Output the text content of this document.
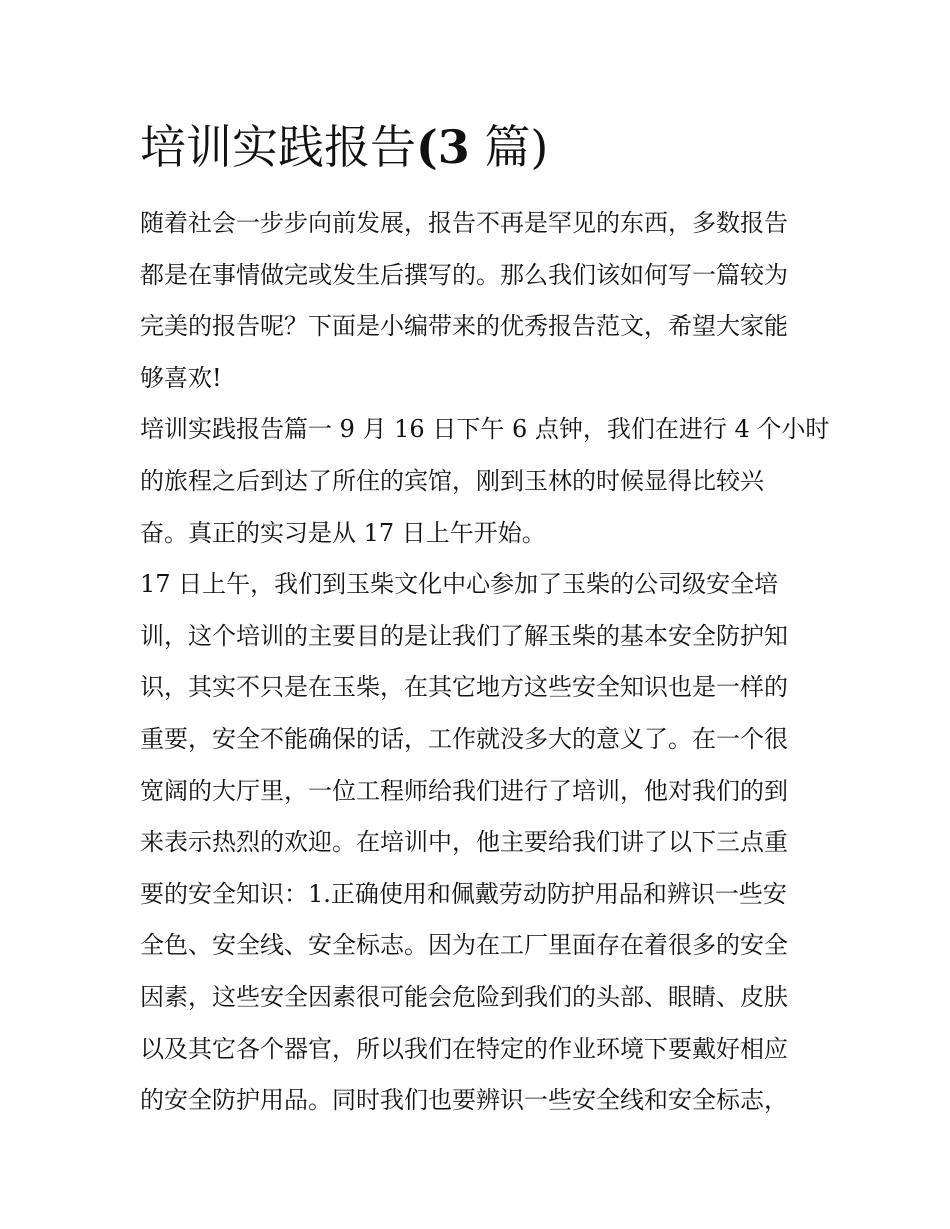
培训实践报告(3 篇)
随着社会一步步向前发展，报告不再是罕见的东西，多数报告
都是在事情做完或发生后撰写的。那么我们该如何写一篇较为
完美的报告呢？下面是小编带来的优秀报告范文，希望大家能
够喜欢!
培训实践报告篇一 9 月 16 日下午 6 点钟，我们在进行 4 个小时
的旅程之后到达了所住的宾馆，刚到玉林的时候显得比较兴
奋。真正的实习是从 17 日上午开始。
17 日上午，我们到玉柴文化中心参加了玉柴的公司级安全培
训，这个培训的主要目的是让我们了解玉柴的基本安全防护知
识，其实不只是在玉柴，在其它地方这些安全知识也是一样的
重要，安全不能确保的话，工作就没多大的意义了。在一个很
宽阔的大厅里，一位工程师给我们进行了培训，他对我们的到
来表示热烈的欢迎。在培训中，他主要给我们讲了以下三点重
要的安全知识：1.正确使用和佩戴劳动防护用品和辨识一些安
全色、安全线、安全标志。因为在工厂里面存在着很多的安全
因素，这些安全因素很可能会危险到我们的头部、眼睛、皮肤
以及其它各个器官，所以我们在特定的作业环境下要戴好相应
的安全防护用品。同时我们也要辨识一些安全线和安全标志，
